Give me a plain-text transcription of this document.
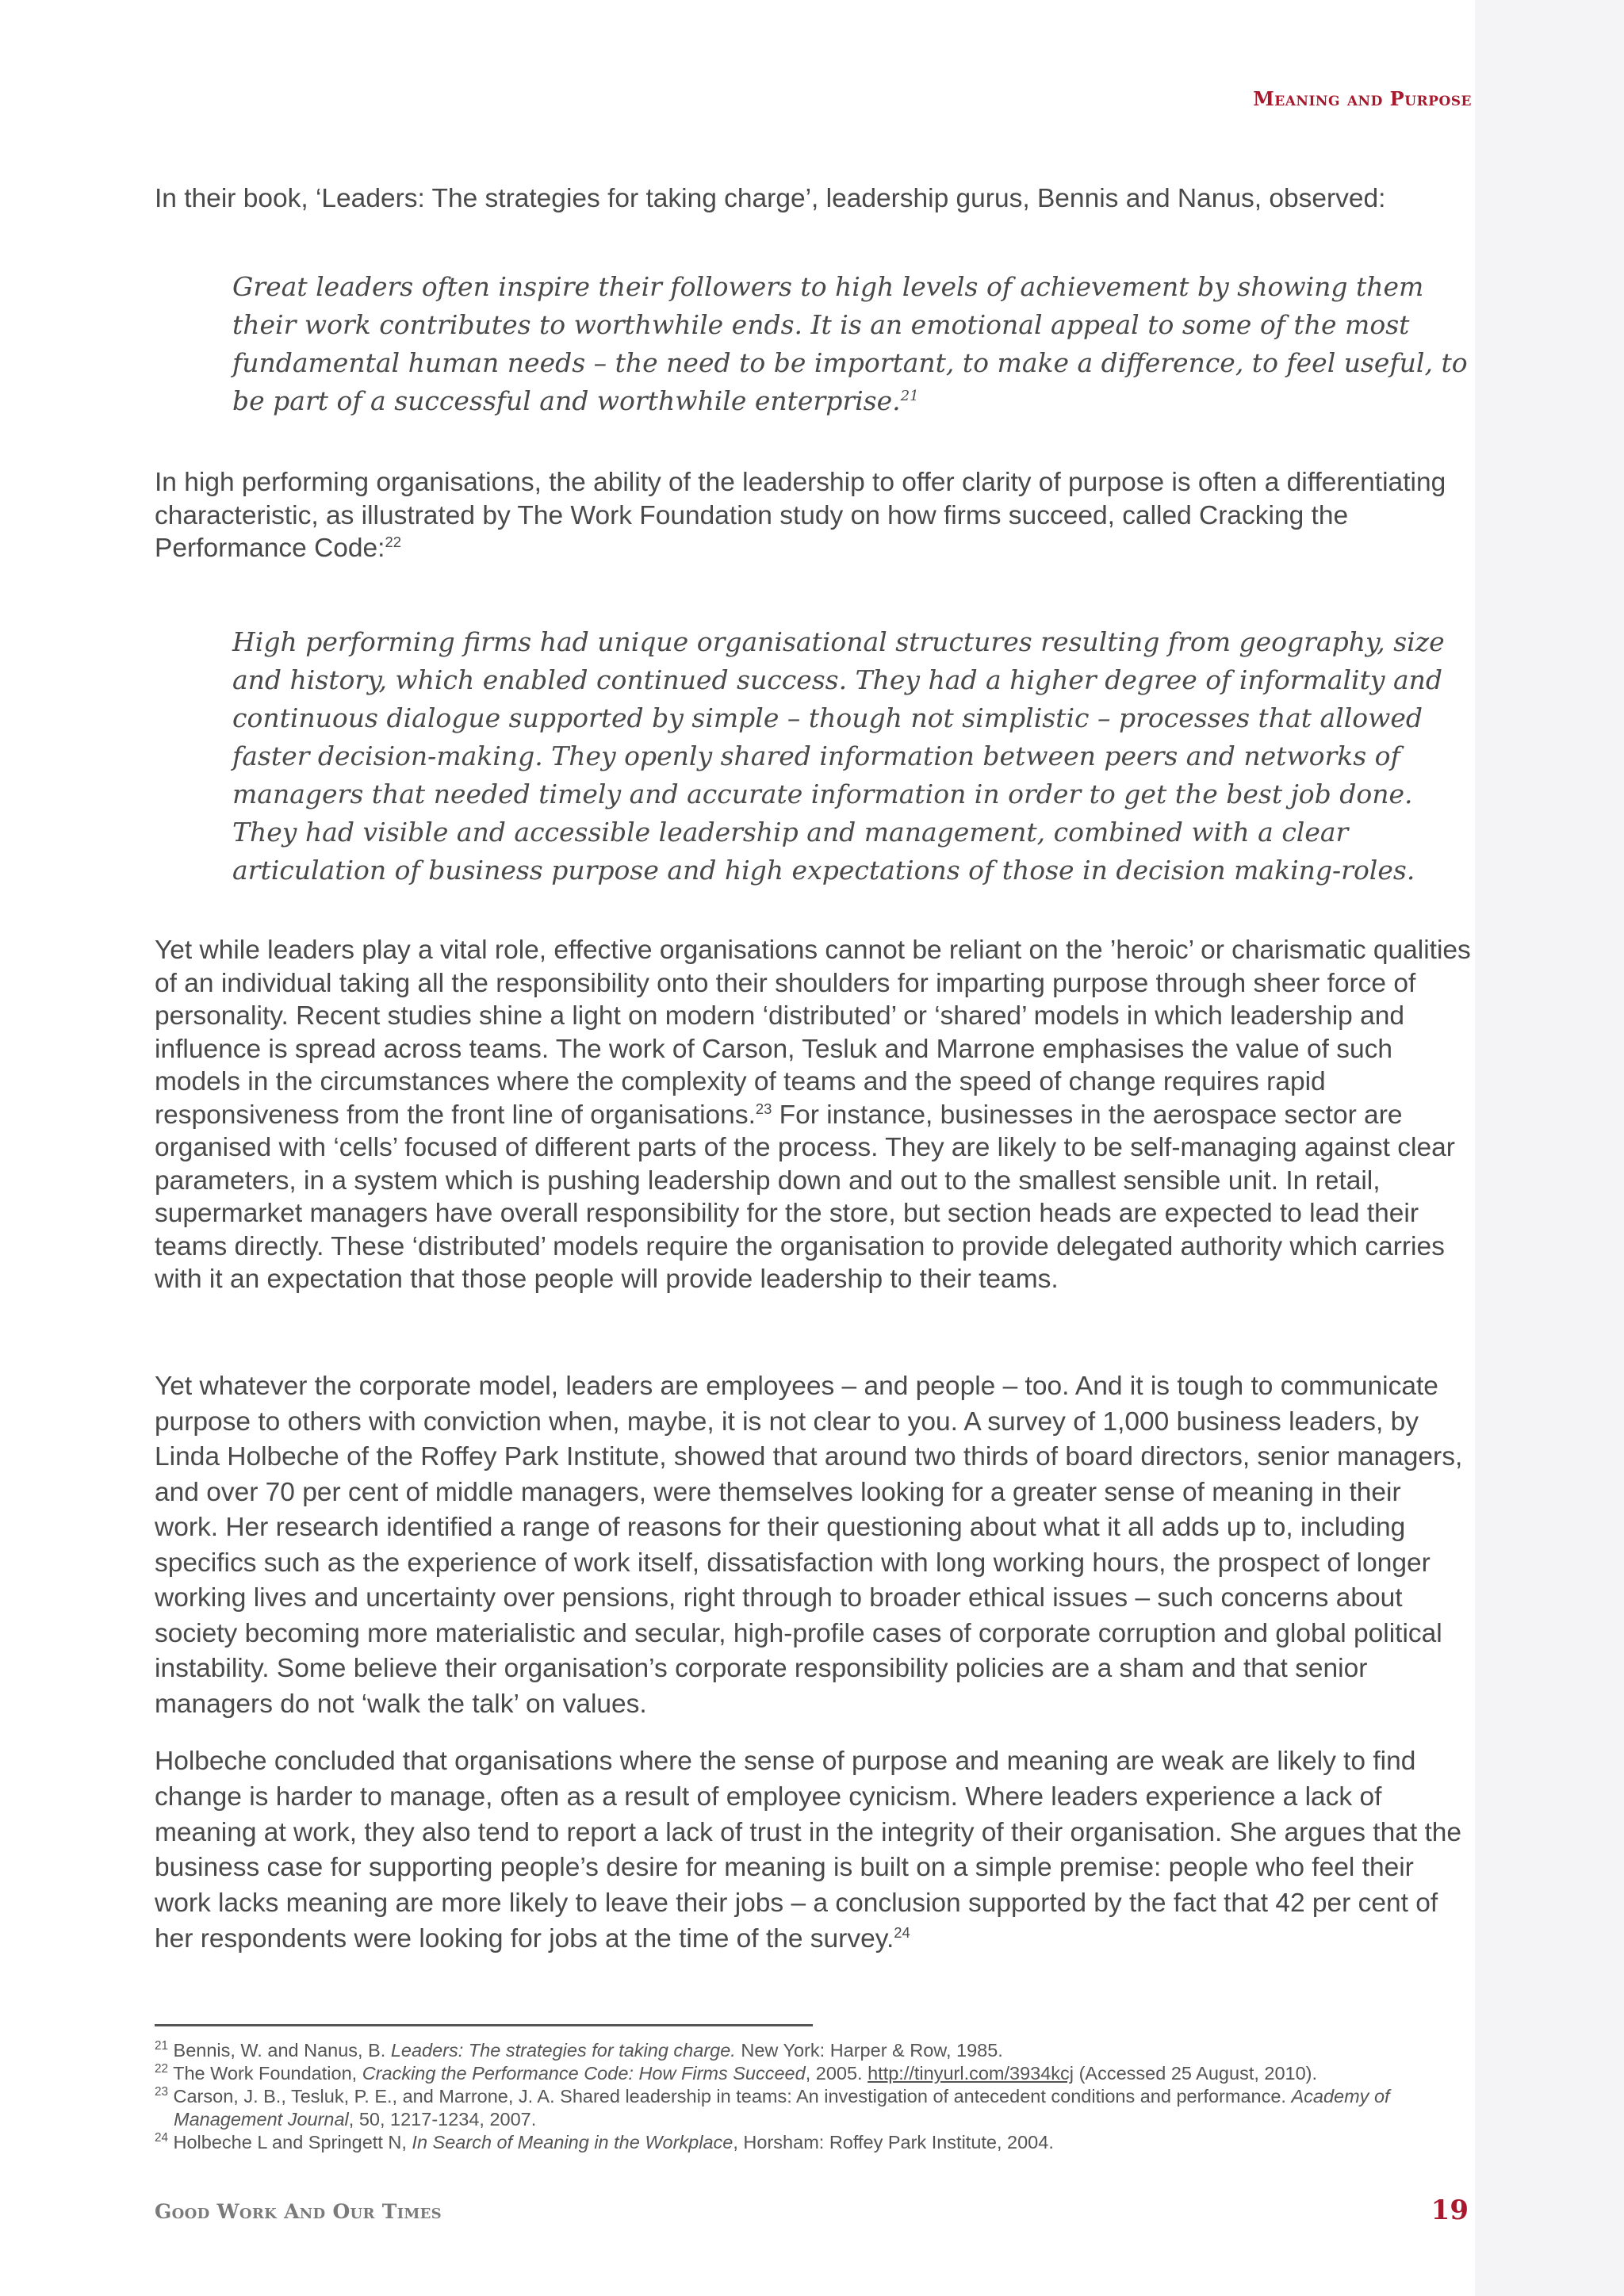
Meaning and Purpose

In their book, ‘Leaders: The strategies for taking charge’, leadership gurus, Bennis and Nanus, observed:

Great leaders often inspire their followers to high levels of achievement by showing them their work contributes to worthwhile ends. It is an emotional appeal to some of the most fundamental human needs – the need to be important, to make a difference, to feel useful, to be part of a successful and worthwhile enterprise.$^{21}$

In high performing organisations, the ability of the leadership to offer clarity of purpose is often a differentiating characteristic, as illustrated by The Work Foundation study on how firms succeed, called Cracking the Performance Code:$^{22}$

High performing firms had unique organisational structures resulting from geography, size and history, which enabled continued success. They had a higher degree of informality and continuous dialogue supported by simple – though not simplistic – processes that allowed faster decision-making. They openly shared information between peers and networks of managers that needed timely and accurate information in order to get the best job done. They had visible and accessible leadership and management, combined with a clear articulation of business purpose and high expectations of those in decision making-roles.

Yet while leaders play a vital role, effective organisations cannot be reliant on the ’heroic’ or charismatic qualities of an individual taking all the responsibility onto their shoulders for imparting purpose through sheer force of personality. Recent studies shine a light on modern ‘distributed’ or ‘shared’ models in which leadership and influence is spread across teams. The work of Carson, Tesluk and Marrone emphasises the value of such models in the circumstances where the complexity of teams and the speed of change requires rapid responsiveness from the front line of organisations.$^{23}$ For instance, businesses in the aerospace sector are organised with ‘cells’ focused of different parts of the process. They are likely to be self-managing against clear parameters, in a system which is pushing leadership down and out to the smallest sensible unit. In retail, supermarket managers have overall responsibility for the store, but section heads are expected to lead their teams directly. These ‘distributed’ models require the organisation to provide delegated authority which carries with it an expectation that those people will provide leadership to their teams.

Yet whatever the corporate model, leaders are employees – and people – too. And it is tough to communicate purpose to others with conviction when, maybe, it is not clear to you. A survey of 1,000 business leaders, by Linda Holbeche of the Roffey Park Institute, showed that around two thirds of board directors, senior managers, and over 70 per cent of middle managers, were themselves looking for a greater sense of meaning in their work. Her research identified a range of reasons for their questioning about what it all adds up to, including specifics such as the experience of work itself, dissatisfaction with long working hours, the prospect of longer working lives and uncertainty over pensions, right through to broader ethical issues – such concerns about society becoming more materialistic and secular, high-profile cases of corporate corruption and global political instability. Some believe their organisation’s corporate responsibility policies are a sham and that senior managers do not ‘walk the talk’ on values.

Holbeche concluded that organisations where the sense of purpose and meaning are weak are likely to find change is harder to manage, often as a result of employee cynicism. Where leaders experience a lack of meaning at work, they also tend to report a lack of trust in the integrity of their organisation. She argues that the business case for supporting people’s desire for meaning is built on a simple premise: people who feel their work lacks meaning are more likely to leave their jobs – a conclusion supported by the fact that 42 per cent of her respondents were looking for jobs at the time of the survey.$^{24}$

$^{21}$ Bennis, W. and Nanus, B. Leaders: The strategies for taking charge. New York: Harper & Row, 1985.

$^{22}$ The Work Foundation, Cracking the Performance Code: How Firms Succeed, 2005. http://tinyurl.com/3934kcj (Accessed 25 August, 2010).

$^{23}$ Carson, J. B., Tesluk, P. E., and Marrone, J. A. Shared leadership in teams: An investigation of antecedent conditions and performance. Academy of Management Journal, 50, 1217-1234, 2007.

$^{24}$ Holbeche L and Springett N, In Search of Meaning in the Workplace, Horsham: Roffey Park Institute, 2004.

Good Work And Our Times	19
